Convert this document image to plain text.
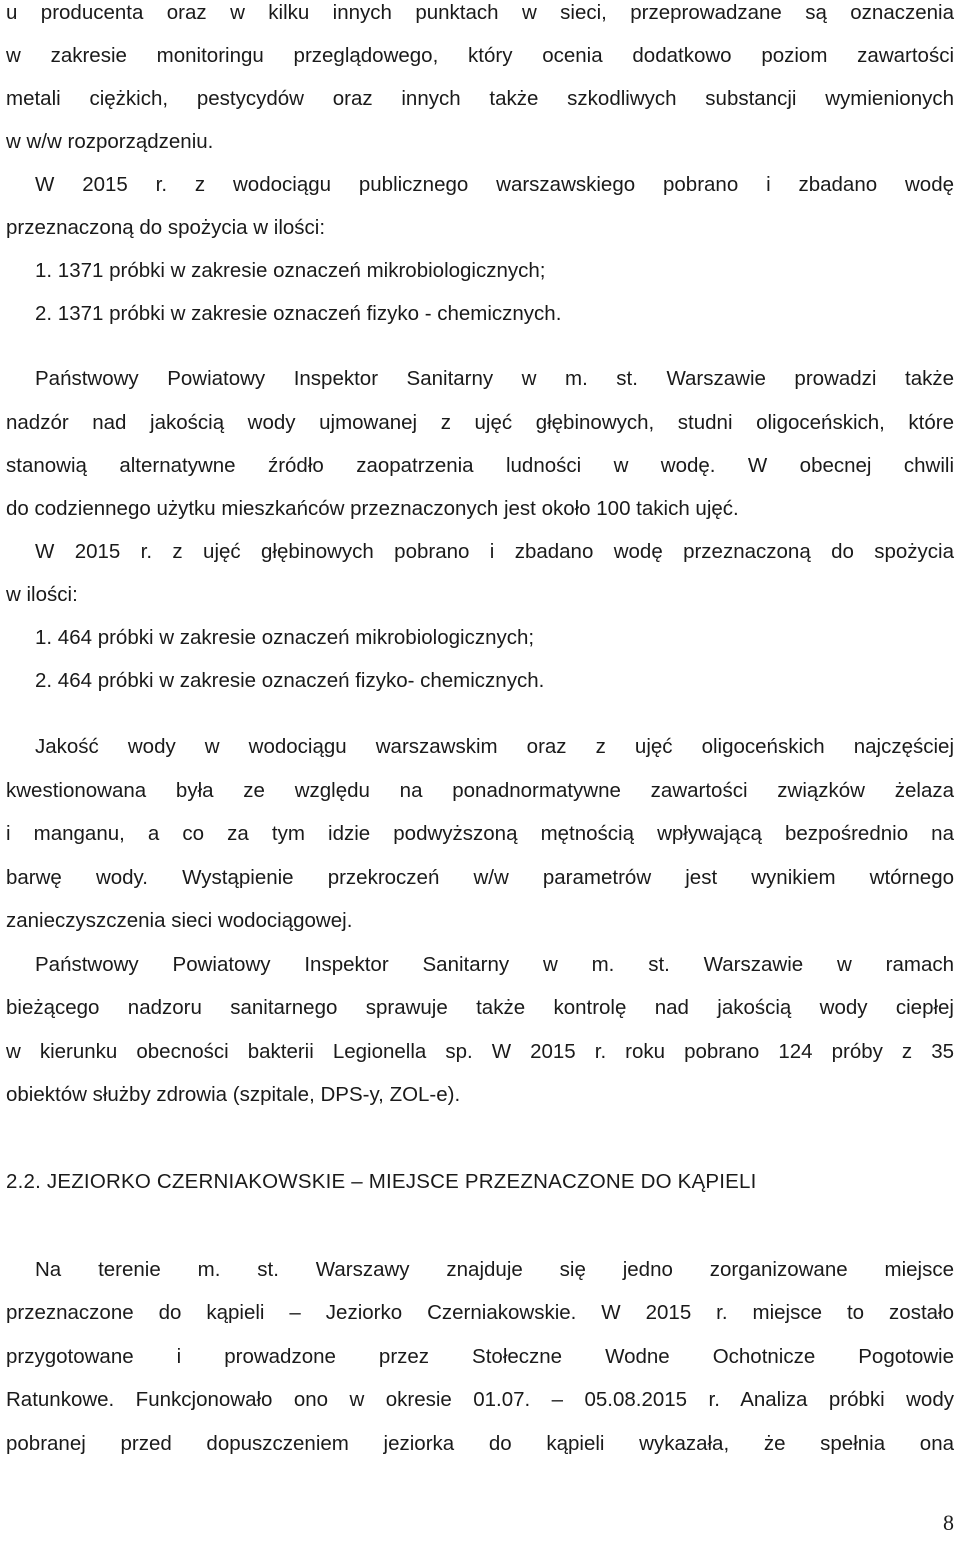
u producenta oraz w kilku innych punktach w sieci, przeprowadzane są oznaczenia
w zakresie monitoringu przeglądowego, który ocenia dodatkowo poziom zawartości
metali ciężkich, pestycydów oraz innych także szkodliwych substancji wymienionych
w w/w rozporządzeniu.
W 2015 r. z wodociągu publicznego warszawskiego pobrano i zbadano wodę
przeznaczoną do spożycia w ilości:
1. 1371 próbki w zakresie oznaczeń mikrobiologicznych;
2. 1371 próbki w zakresie oznaczeń fizyko - chemicznych.
Państwowy Powiatowy Inspektor Sanitarny w m. st. Warszawie prowadzi także
nadzór nad jakością wody ujmowanej z ujęć głębinowych, studni oligoceńskich, które
stanowią alternatywne źródło zaopatrzenia ludności w wodę. W obecnej chwili
do codziennego użytku mieszkańców przeznaczonych jest około 100 takich ujęć.
W 2015 r. z ujęć głębinowych pobrano i zbadano wodę przeznaczoną do spożycia
w ilości:
1. 464 próbki w zakresie oznaczeń mikrobiologicznych;
2. 464 próbki w zakresie oznaczeń fizyko- chemicznych.
Jakość wody w wodociągu warszawskim oraz z ujęć oligoceńskich najczęściej
kwestionowana była ze względu na ponadnormatywne zawartości związków żelaza
i manganu, a co za tym idzie podwyższoną mętnością wpływającą bezpośrednio na
barwę wody. Wystąpienie przekroczeń w/w parametrów jest wynikiem wtórnego
zanieczyszczenia sieci wodociągowej.
Państwowy Powiatowy Inspektor Sanitarny w m. st. Warszawie w ramach
bieżącego nadzoru sanitarnego sprawuje także kontrolę nad jakością wody ciepłej
w kierunku obecności bakterii Legionella sp. W 2015 r. roku pobrano 124 próby z 35
obiektów służby zdrowia (szpitale, DPS-y, ZOL-e).
2.2. JEZIORKO CZERNIAKOWSKIE – MIEJSCE PRZEZNACZONE DO KĄPIELI
Na terenie m. st. Warszawy znajduje się jedno zorganizowane miejsce
przeznaczone do kąpieli – Jeziorko Czerniakowskie. W 2015 r. miejsce to zostało
przygotowane i prowadzone przez Stołeczne Wodne Ochotnicze Pogotowie
Ratunkowe. Funkcjonowało ono w okresie 01.07. – 05.08.2015 r. Analiza próbki wody
pobranej przed dopuszczeniem jeziorka do kąpieli wykazała, że spełnia ona
8
